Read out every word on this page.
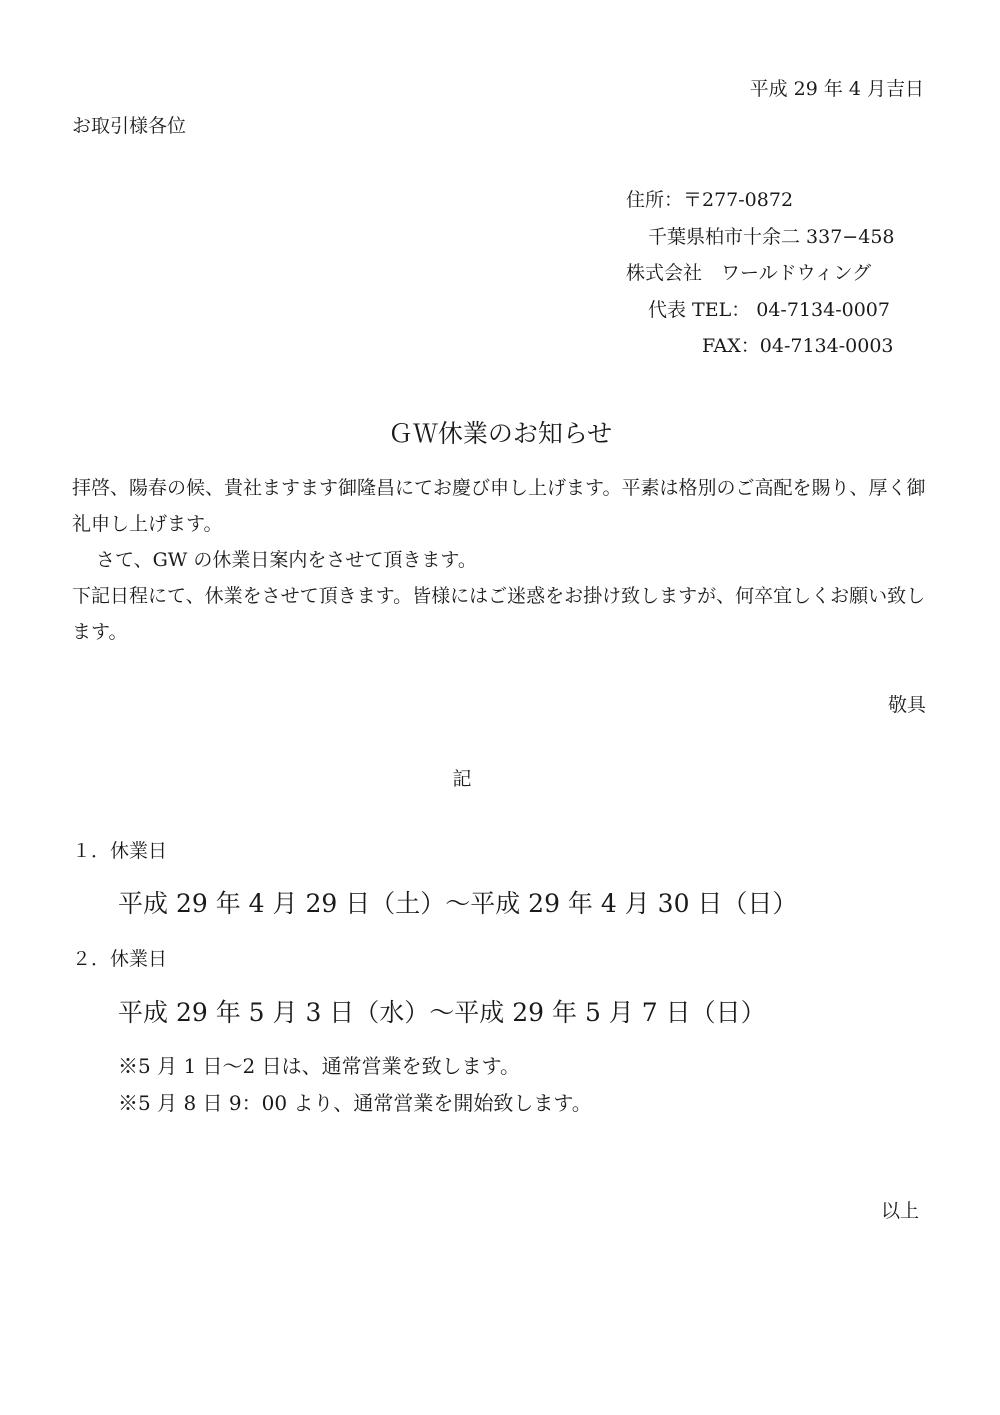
平成 29 年 4 月吉日
お取引様各位
住所：〒277-0872
千葉県柏市十余二 337−458
株式会社　ワールドウィング
代表 TEL： 04-7134-0007
FAX：04-7134-0003
ＧＷ休業のお知らせ

拝啓、陽春の候、貴社ますます御隆昌にてお慶び申し上げます。平素は格別のご高配を賜り、厚く御礼申し上げます。

さて、GW の休業日案内をさせて頂きます。

下記日程にて、休業をさせて頂きます。皆様にはご迷惑をお掛け致しますが、何卒宜しくお願い致します。

敬具
記
１．休業日
平成 29 年 4 月 29 日（土）〜平成 29 年 4 月 30 日（日）
２．休業日
平成 29 年 5 月 3 日（水）〜平成 29 年 5 月 7 日（日）
※5 月 1 日〜2 日は、通常営業を致します。
※5 月 8 日 9：00 より、通常営業を開始致します。
以上
